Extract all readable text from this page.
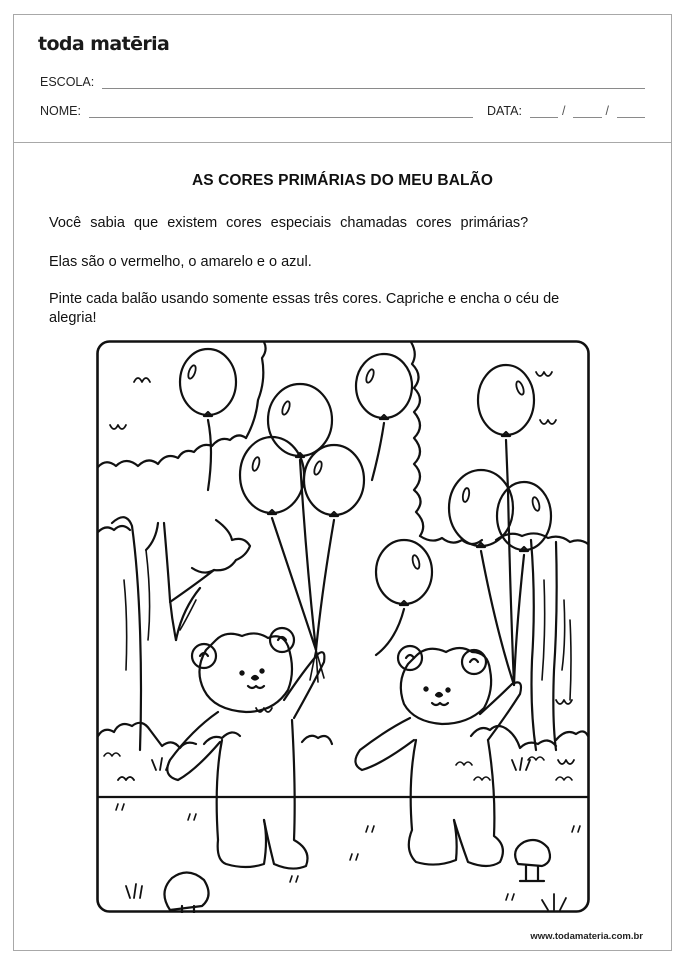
toda matēria
ESCOLA:
NOME:	DATA:	/	/
AS CORES PRIMÁRIAS DO MEU BALÃO
Você sabia que existem cores especiais chamadas cores primárias?
Elas são o vermelho, o amarelo e o azul.
Pinte cada balão usando somente essas três cores. Capriche e encha o céu de alegria!
www.todamateria.com.br
